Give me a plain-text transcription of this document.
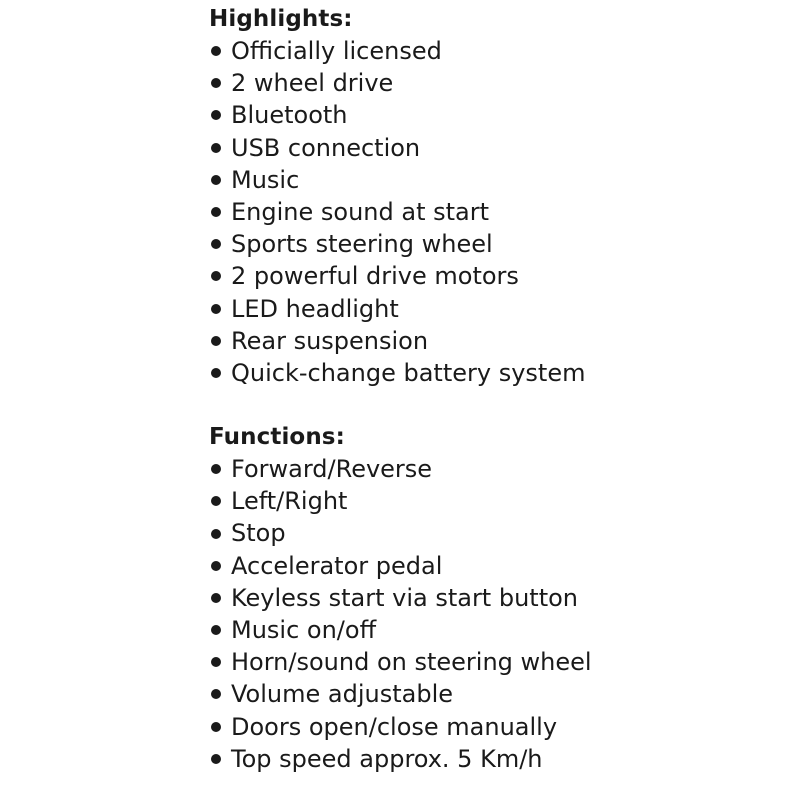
Highlights:
Officially licensed
2 wheel drive
Bluetooth
USB connection
Music
Engine sound at start
Sports steering wheel
2 powerful drive motors
LED headlight
Rear suspension
Quick-change battery system
Functions:
Forward/Reverse
Left/Right
Stop
Accelerator pedal
Keyless start via start button
Music on/off
Horn/sound on steering wheel
Volume adjustable
Doors open/close manually
Top speed approx. 5 Km/h
